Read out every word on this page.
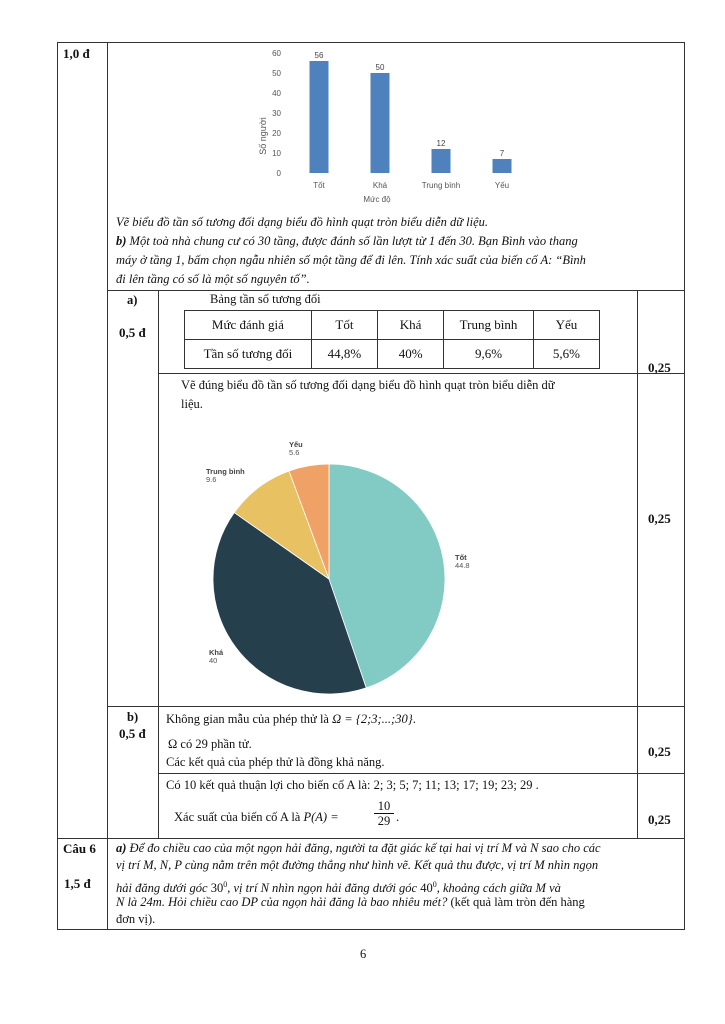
1,0 đ	60
50
40
30
20
10
0
Số người
56
Tốt
50
Khá
12
Trung bình
7
Yếu
Mức độ
Vẽ biểu đồ tần số tương đối dạng biểu đồ hình quạt tròn biểu diễn dữ liệu.
b) Một toà nhà chung cư có 30 tầng, được đánh số lần lượt từ 1 đến 30. Bạn Bình vào thang
máy ở tầng 1, bấm chọn ngẫu nhiên số một tầng để đi lên. Tính xác suất của biến cố A: “Bình
đi lên tầng có số là một số nguyên tố”.
a)
0,5 đ
Bảng tần số tương đối
Mức đánh giá	Tốt	Khá	Trung bình	Yếu
Tần số tương đối	44,8%	40%	9,6%	5,6%
0,25
Vẽ đúng biểu đồ tần số tương đối dạng biểu đồ hình quạt tròn biểu diễn dữ
liệu.
Tốt
44.8
Khá
40
Trung bình
9.6
Yếu
5.6
0,25
b)
0,5 đ
Không gian mẫu của phép thử là Ω = {2;3;...;30}.
Ω có 29 phần tử.
Các kết quả của phép thử là đồng khả năng.
0,25
Có 10 kết quả thuận lợi cho biến cố A là: 2; 3; 5; 7; 11; 13; 17; 19; 23; 29 .
Xác suất của biến cố A là P(A) =
10
29 .	0,25
Câu 6
1,5 đ
a) Để đo chiều cao của một ngọn hải đăng, người ta đặt giác kế tại hai vị trí M và N sao cho các
vị trí M, N, P cùng nằm trên một đường thẳng như hình vẽ. Kết quả thu được, vị trí M nhìn ngọn
hải đăng dưới góc $30^0$, vị trí N nhìn ngọn hải đăng dưới góc $40^0$, khoảng cách giữa M và
N là 24m. Hỏi chiều cao DP của ngọn hải đăng là bao nhiêu mét? (kết quả làm tròn đến hàng
đơn vị).
6
